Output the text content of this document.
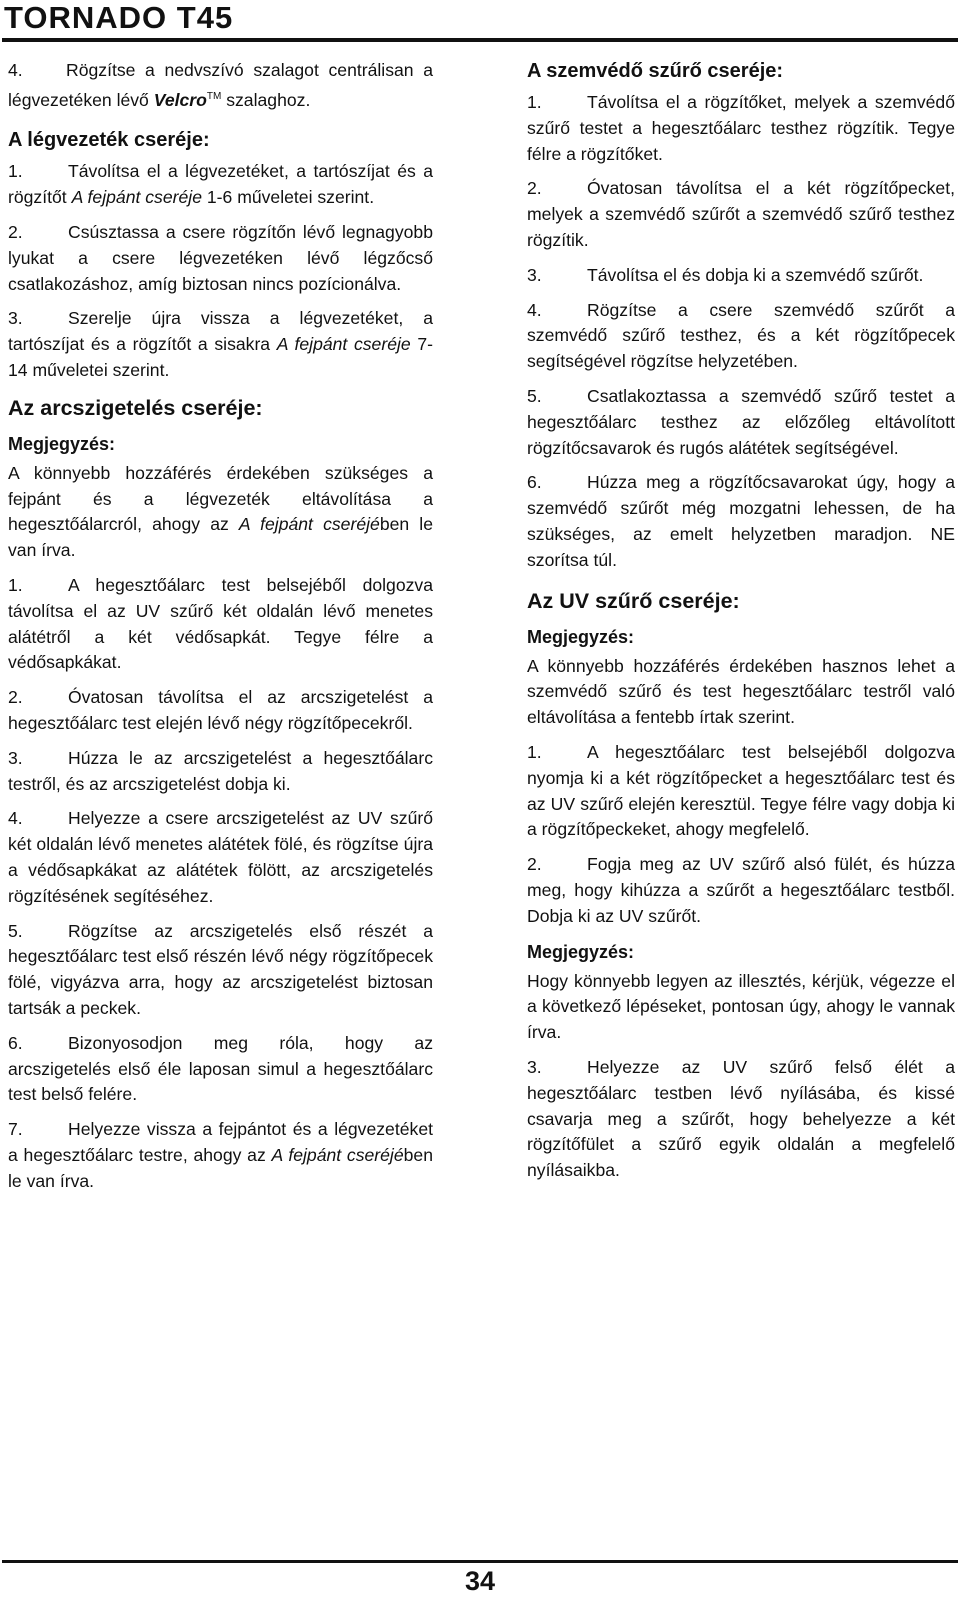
TORNADO T45

4. Rögzítse a nedvszívó szalagot centrálisan a légvezetéken lévő Velcro™ szalaghoz.

A légvezeték cseréje:

1.	Távolítsa el a légvezetéket, a tartószíjat és a rögzítőt A fejpánt cseréje 1-6 műveletei szerint.

2.	Csúsztassa a csere rögzítőn lévő legnagyobb lyukat a csere légvezetéken lévő légzőcső csatlakozáshoz, amíg biztosan nincs pozícionálva.

3.	Szerelje újra vissza a légvezetéket, a tartószíjat és a rögzítőt a sisakra A fejpánt cseréje 7-14 műveletei szerint.

Az arcszigetelés cseréje:
Megjegyzés:

A könnyebb hozzáférés érdekében szükséges a fejpánt és a légvezeték eltávolítása a hegesztőálarcról, ahogy az A fejpánt cseréjében le van írva.

1.	A hegesztőálarc test belsejéből dolgozva távolítsa el az UV szűrő két oldalán lévő menetes alátétről a két védősapkát. Tegye félre a védősapkákat.

2.	Óvatosan távolítsa el az arcszigetelést a hegesztőálarc test elején lévő négy rögzítőpecekről.

3.	Húzza le az arcszigetelést a hegesztőálarc testről, és az arcszigetelést dobja ki.

4.	Helyezze a csere arcszigetelést az UV szűrő két oldalán lévő menetes alátétek fölé, és rögzítse újra a védősapkákat az alátétek fölött, az arcszigetelés rögzítésének segítéséhez.

5.	Rögzítse az arcszigetelés első részét a hegesztőálarc test első részén lévő négy rögzítőpecek fölé, vigyázva arra, hogy az arcszigetelést biztosan tartsák a peckek.

6.	Bizonyosodjon meg róla, hogy az arcszigetelés első éle laposan simul a hegesztőálarc test belső felére.

7.	Helyezze vissza a fejpántot és a légvezetéket a hegesztőálarc testre, ahogy az A fejpánt cseréjében le van írva.

A szemvédő szűrő cseréje:

1.	Távolítsa el a rögzítőket, melyek a szemvédő szűrő testet a hegesztőálarc testhez rögzítik. Tegye félre a rögzítőket.

2.	Óvatosan távolítsa el a két rögzítőpecket, melyek a szemvédő szűrőt a szemvédő szűrő testhez rögzítik.

3.	Távolítsa el és dobja ki a szemvédő szűrőt.

4.	Rögzítse a csere szemvédő szűrőt a szemvédő szűrő testhez, és a két rögzítőpecek segítségével rögzítse helyzetében.

5.	Csatlakoztassa a szemvédő szűrő testet a hegesztőálarc testhez az előzőleg eltávolított rögzítőcsavarok és rugós alátétek segítségével.

6.	Húzza meg a rögzítőcsavarokat úgy, hogy a szemvédő szűrőt még mozgatni lehessen, de ha szükséges, az emelt helyzetben maradjon. NE szorítsa túl.

Az UV szűrő cseréje:
Megjegyzés:

A könnyebb hozzáférés érdekében hasznos lehet a szemvédő szűrő és test hegesztőálarc testről való eltávolítása a fentebb írtak szerint.

1.	A hegesztőálarc test belsejéből dolgozva nyomja ki a két rögzítőpecket a hegesztőálarc test és az UV szűrő elején keresztül. Tegye félre vagy dobja ki a rögzítőpeckeket, ahogy megfelelő.

2.	Fogja meg az UV szűrő alsó fülét, és húzza meg, hogy kihúzza a szűrőt a hegesztőálarc testből. Dobja ki az UV szűrőt.

Megjegyzés:

Hogy könnyebb legyen az illesztés, kérjük, végezze el a következő lépéseket, pontosan úgy, ahogy le vannak írva.

3.	Helyezze az UV szűrő felső élét a hegesztőálarc testben lévő nyílásába, és kissé csavarja meg a szűrőt, hogy behelyezze a két rögzítőfület a szűrő egyik oldalán a megfelelő nyílásaikba.

34
